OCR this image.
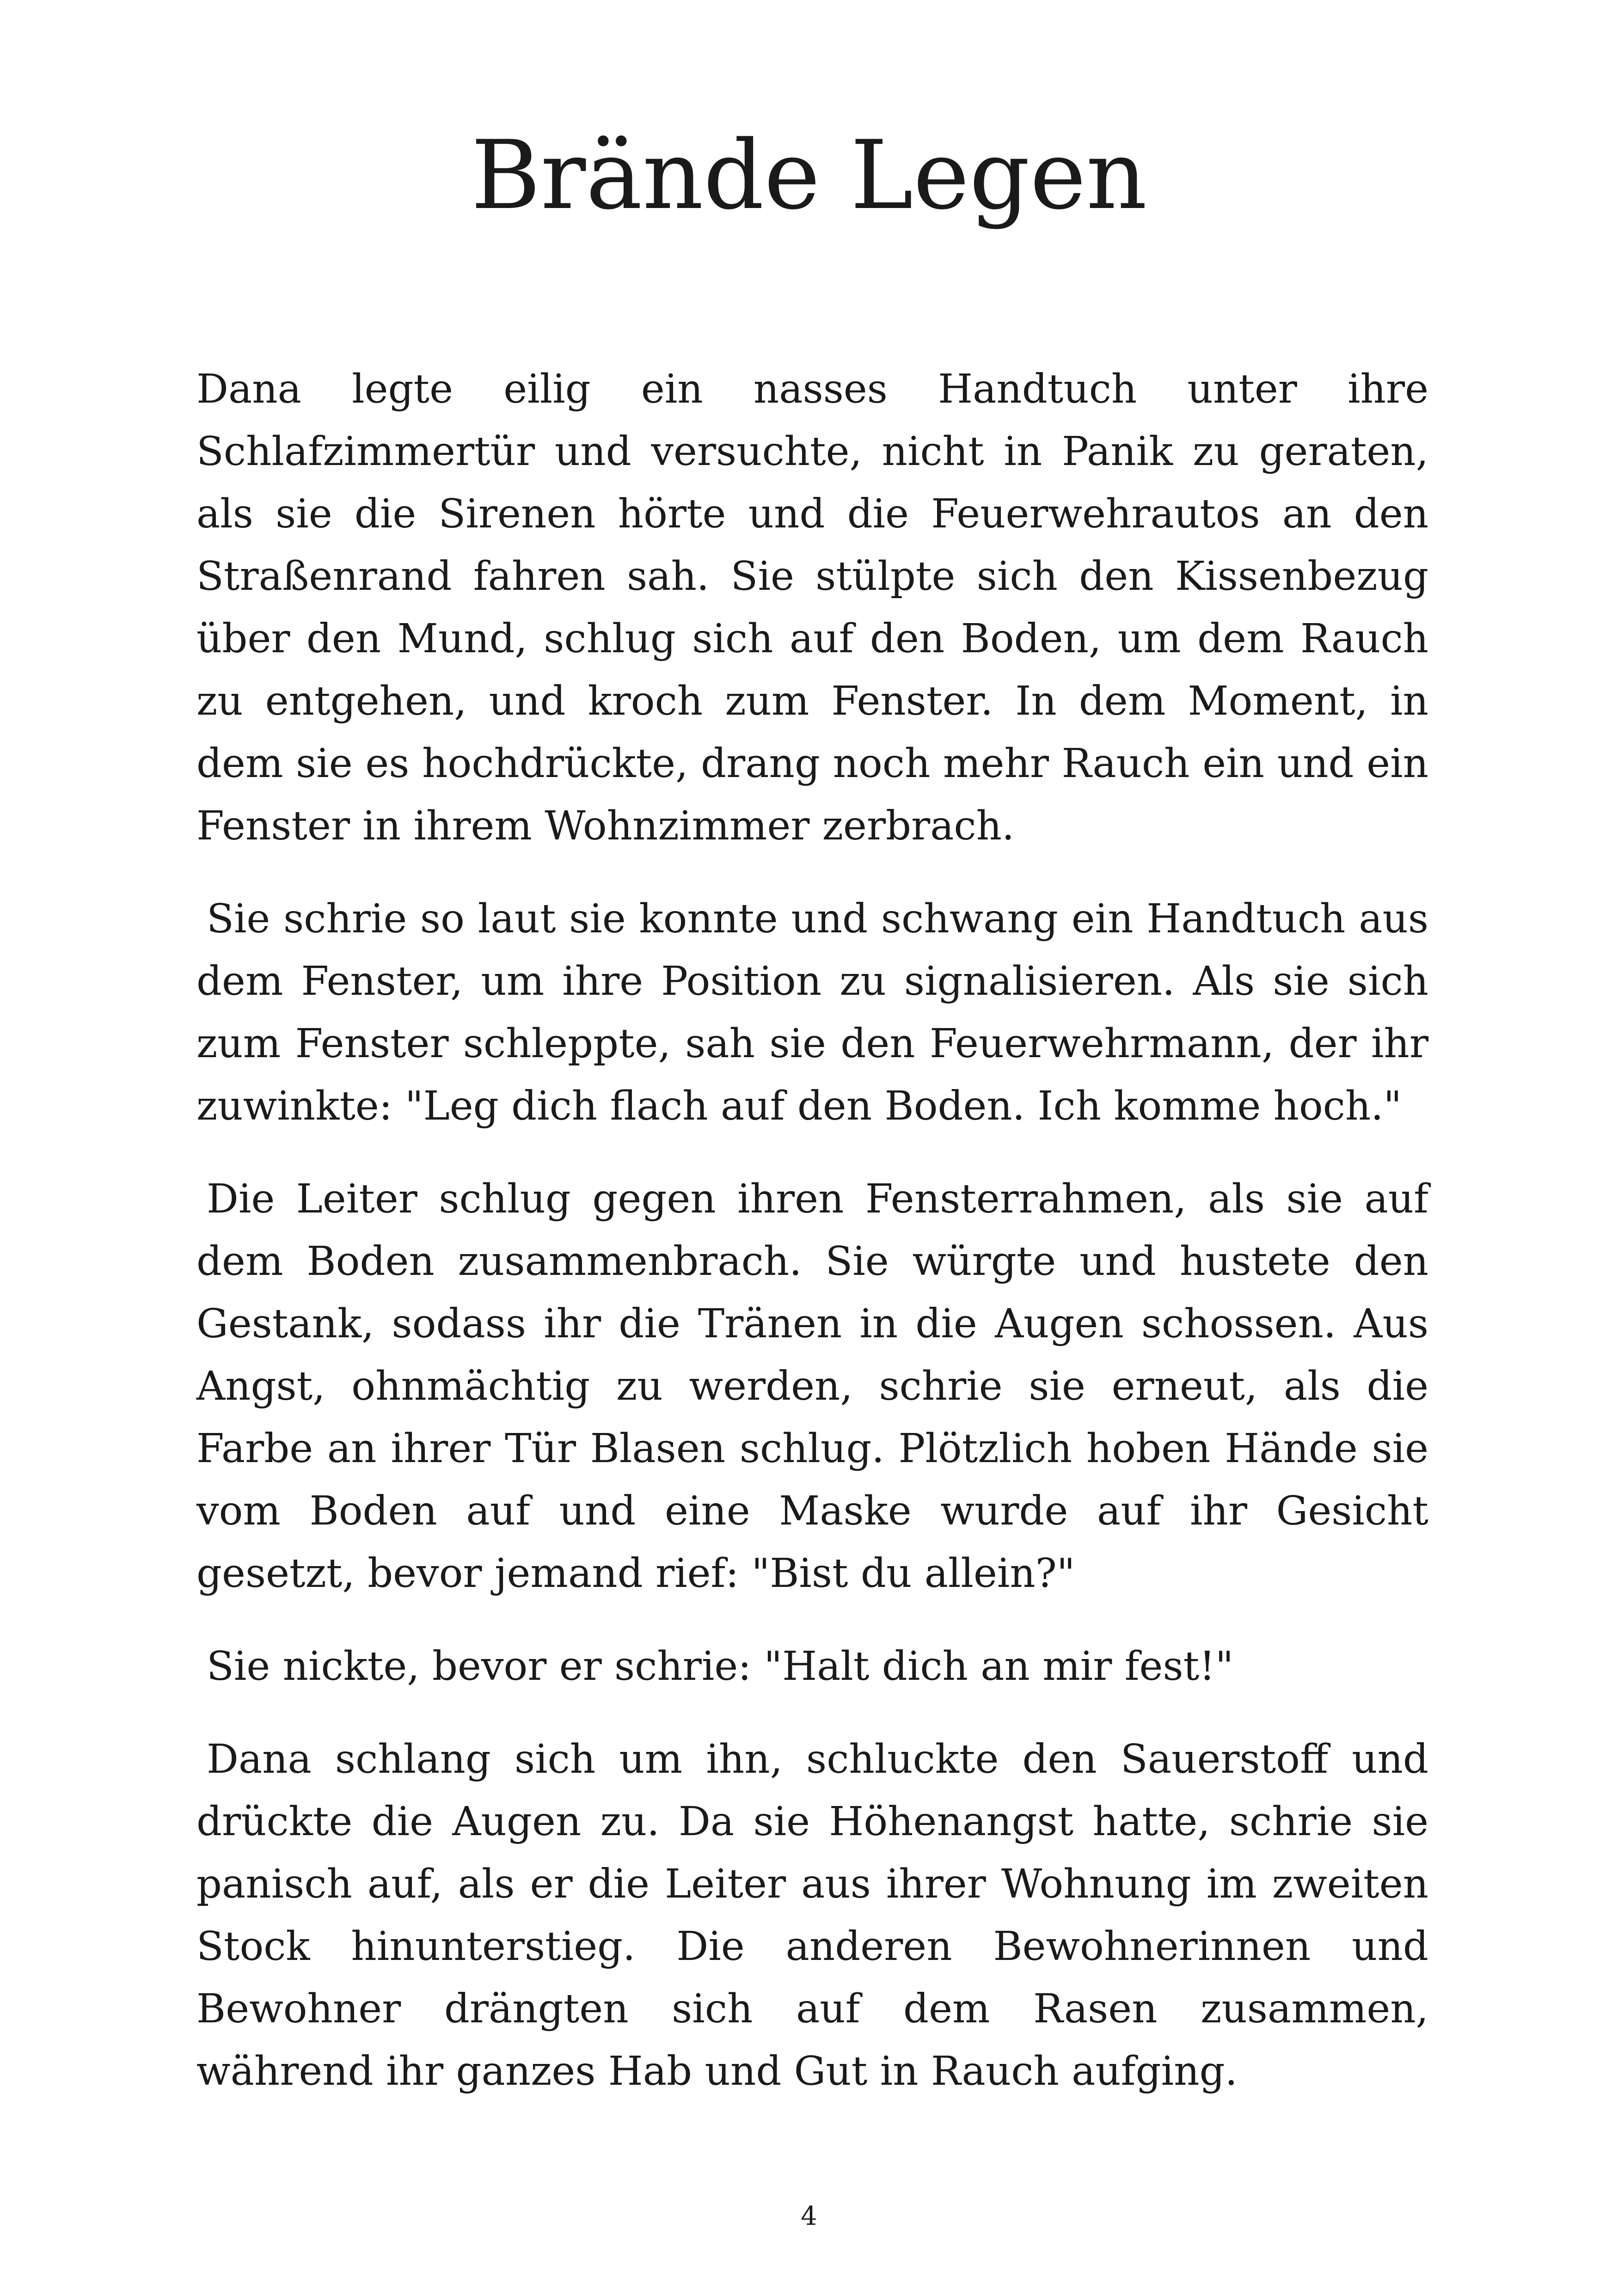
Brände Legen

Dana legte eilig ein nasses Handtuch unter ihre Schlafzimmertür und versuchte, nicht in Panik zu geraten, als sie die Sirenen hörte und die Feuerwehrautos an den Straßenrand fahren sah. Sie stülpte sich den Kissenbezug über den Mund, schlug sich auf den Boden, um dem Rauch zu entgehen, und kroch zum Fenster. In dem Moment, in dem sie es hochdrückte, drang noch mehr Rauch ein und ein Fenster in ihrem Wohnzimmer zerbrach.

Sie schrie so laut sie konnte und schwang ein Handtuch aus dem Fenster, um ihre Position zu signalisieren. Als sie sich zum Fenster schleppte, sah sie den Feuerwehrmann, der ihr zuwinkte: "Leg dich flach auf den Boden. Ich komme hoch."

Die Leiter schlug gegen ihren Fensterrahmen, als sie auf dem Boden zusammenbrach. Sie würgte und hustete den Gestank, sodass ihr die Tränen in die Augen schossen. Aus Angst, ohnmächtig zu werden, schrie sie erneut, als die Farbe an ihrer Tür Blasen schlug. Plötzlich hoben Hände sie vom Boden auf und eine Maske wurde auf ihr Gesicht gesetzt, bevor jemand rief: "Bist du allein?"

Sie nickte, bevor er schrie: "Halt dich an mir fest!"

Dana schlang sich um ihn, schluckte den Sauerstoff und drückte die Augen zu. Da sie Höhenangst hatte, schrie sie panisch auf, als er die Leiter aus ihrer Wohnung im zweiten Stock hinunterstieg. Die anderen Bewohnerinnen und Bewohner drängten sich auf dem Rasen zusammen, während ihr ganzes Hab und Gut in Rauch aufging.

4
